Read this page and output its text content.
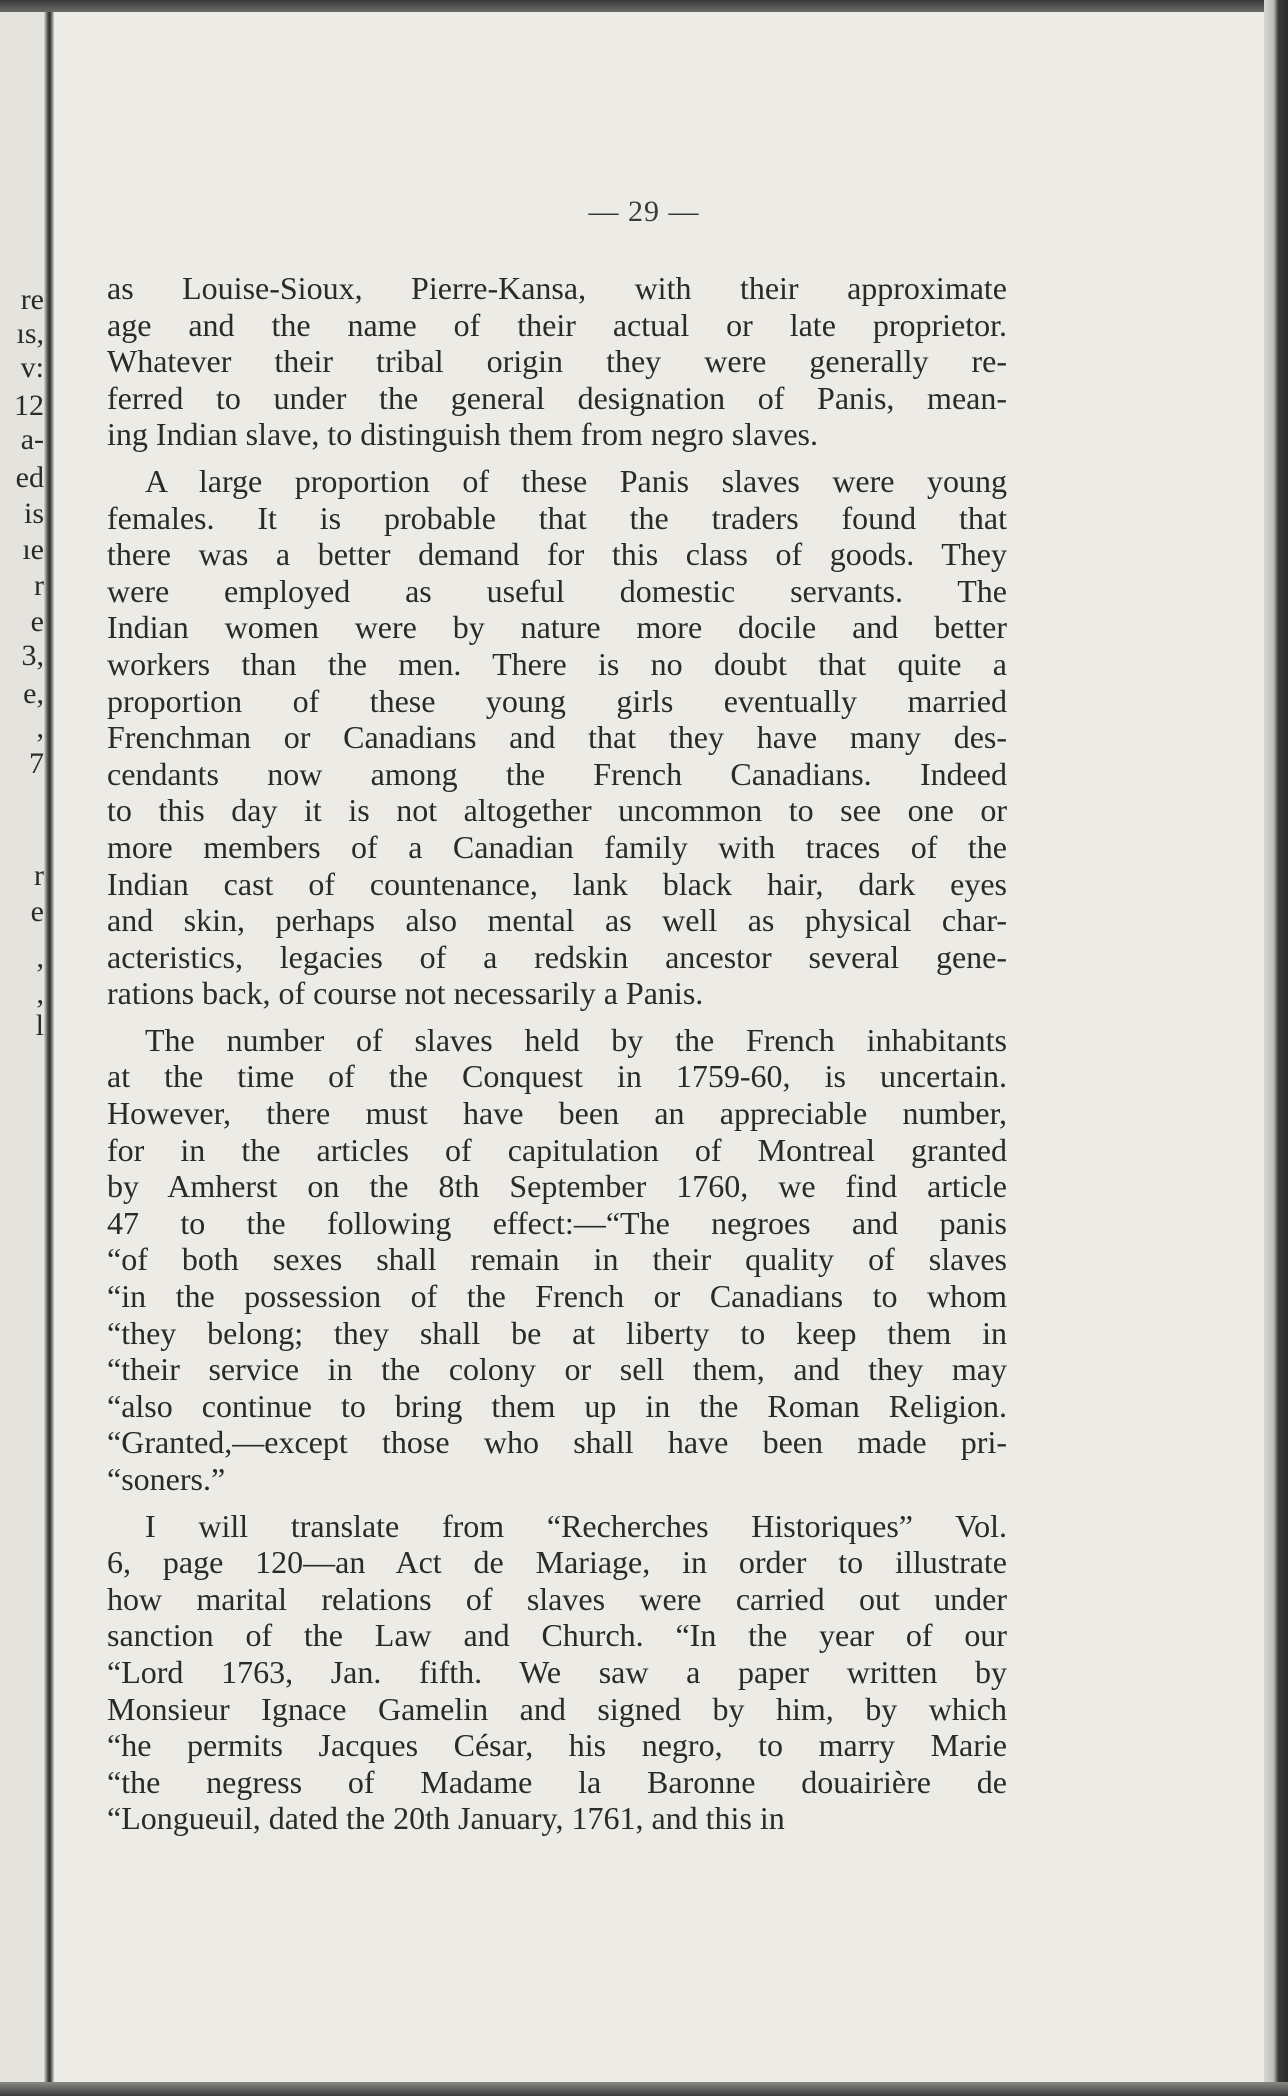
re
ıs,
v:
12
a-
ed
is
ıe
r
e
3,
e,
,
7
r
e
,
,
l
— 29 —
as Louise-Sioux, Pierre-Kansa, with their approximate
age and the name of their actual or late proprietor.
Whatever their tribal origin they were generally re-
ferred to under the general designation of Panis, mean-
ing Indian slave, to distinguish them from negro slaves.
A large proportion of these Panis slaves were young
females. It is probable that the traders found that
there was a better demand for this class of goods. They
were employed as useful domestic servants. The
Indian women were by nature more docile and better
workers than the men. There is no doubt that quite a
proportion of these young girls eventually married
Frenchman or Canadians and that they have many des-
cendants now among the French Canadians. Indeed
to this day it is not altogether uncommon to see one or
more members of a Canadian family with traces of the
Indian cast of countenance, lank black hair, dark eyes
and skin, perhaps also mental as well as physical char-
acteristics, legacies of a redskin ancestor several gene-
rations back, of course not necessarily a Panis.
The number of slaves held by the French inhabitants
at the time of the Conquest in 1759-60, is uncertain.
However, there must have been an appreciable number,
for in the articles of capitulation of Montreal granted
by Amherst on the 8th September 1760, we find article
47 to the following effect:—“The negroes and panis
“of both sexes shall remain in their quality of slaves
“in the possession of the French or Canadians to whom
“they belong; they shall be at liberty to keep them in
“their service in the colony or sell them, and they may
“also continue to bring them up in the Roman Religion.
“Granted,—except those who shall have been made pri-
“soners.”
I will translate from “Recherches Historiques” Vol.
6, page 120—an Act de Mariage, in order to illustrate
how marital relations of slaves were carried out under
sanction of the Law and Church. “In the year of our
“Lord 1763, Jan. fifth. We saw a paper written by
Monsieur Ignace Gamelin and signed by him, by which
“he permits Jacques César, his negro, to marry Marie
“the negress of Madame la Baronne douairière de
“Longueuil, dated the 20th January, 1761, and this in
